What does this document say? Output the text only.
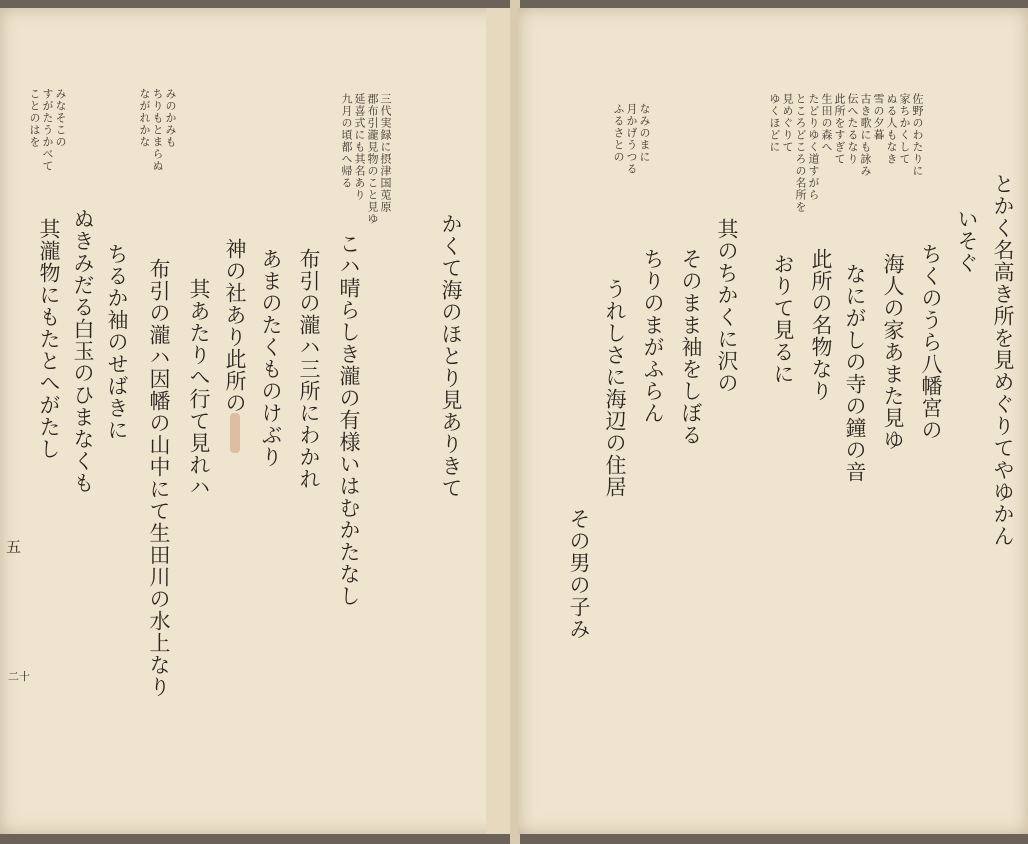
みなそこの
すがたうかべて
ことのはを	みのかみも
ちりもとまらぬ
ながれかな	三代実録に摂津国莵原
郡布引瀧見物のこと見ゆ
延喜式にも其名あり
九月の頃都へ帰る
其瀧物にもたとへがたし ぬきみだる白玉のひまなくも ちるか袖のせばきに 布引の瀧ハ因幡の山中にて生田川の水上なり 其あたりへ行て見れハ 神の社あり此所の あまのたくものけぶり 布引の瀧ハ三所にわかれ こハ晴らしき瀧の有様いはむかたなし	かくて海のほとり見ありきて
五
二十
佐野のわたりに
家ちかくして
ぬる人もなき
雪の夕暮
古き歌にも詠み
伝へたるなり
此所をすぎて
生田の森へ
たどりゆく道すがら
ところどころの名所を
見めぐりて
ゆくほどに
なみのまに
月かげうつる
ふるさとの
とかく名高き所を見めぐりてやゆかん
いそぐ
ちくのうら八幡宮の
海人の家あまた見ゆ
なにがしの寺の鐘の音
此所の名物なり
おりて見るに
其のちかくに沢の
そのまま袖をしぼる
ちりのまがふらん
うれしさに海辺の住居
その男の子み
